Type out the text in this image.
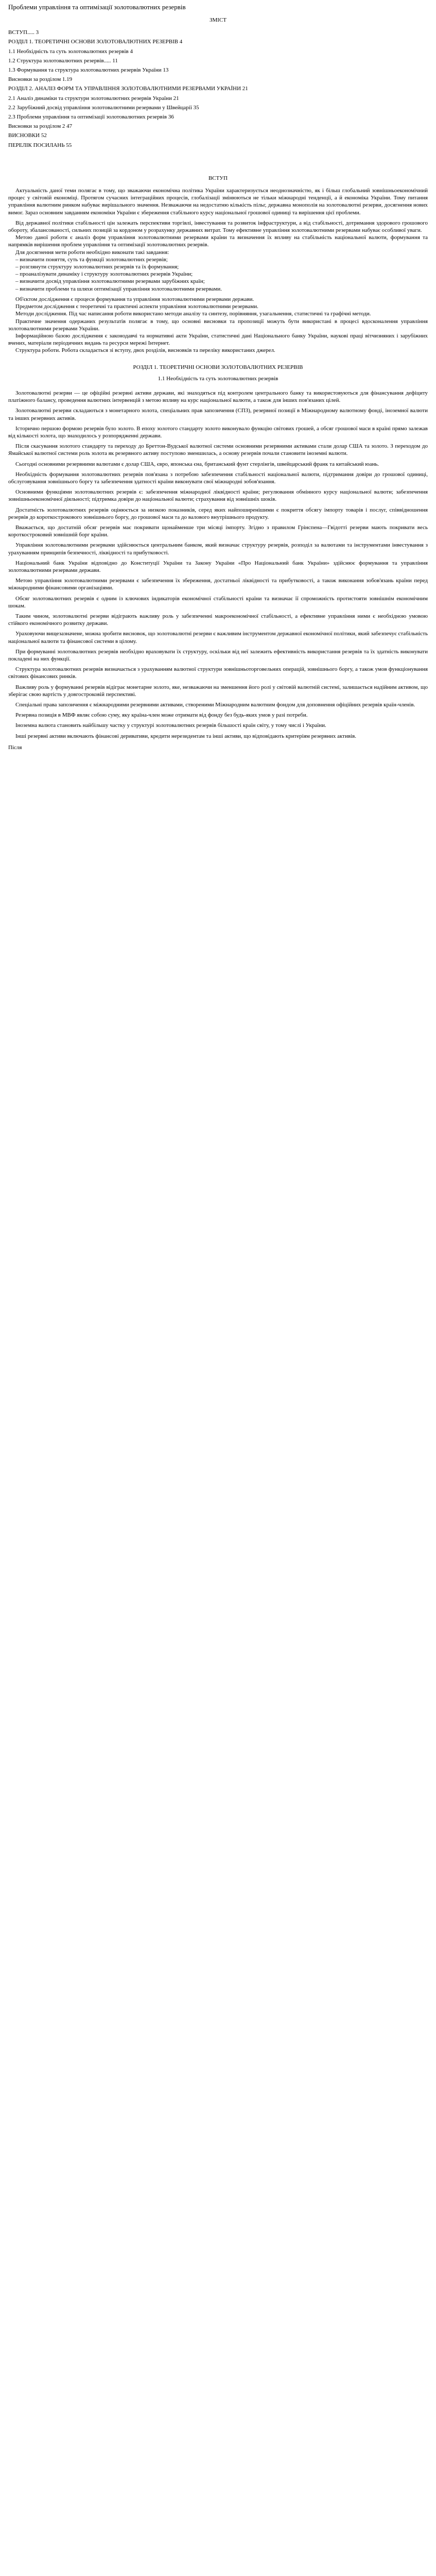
Проблеми управління та оптимізації золотовалютних резервів
ЗМІСТ

ВСТУП..... 3

РОЗДІЛ 1. ТЕОРЕТИЧНІ ОСНОВИ ЗОЛОТОВАЛЮТНИХ РЕЗЕРВІВ 4

1.1 Необхідність та суть золотовалютних резервів 4

1.2 Структура золотовалютних резервів..... 11

1.3 Формування та структура золотовалютних резервів України 13

Висновки за розділом 1.19

РОЗДІЛ 2. АНАЛІЗ ФОРМ ТА УПРАВЛІННЯ ЗОЛОТОВАЛЮТНИМИ РЕЗЕРВАМИ УКРАЇНИ 21

2.1 Аналіз динаміки та структури золотовалютних резервів України 21

2.2 Зарубіжний досвід управління золотовалютними резервами у Швейцарії 35

2.3 Проблеми управління та оптимізації золотовалютних резервів 36

Висновки за розділом 2 47

ВИСНОВКИ 52

ПЕРЕЛІК ПОСИЛАНЬ 55

ВСТУП

Актуальність даної теми полягає в тому, що зважаючи економічна політика України характеризується неоднозначністю, як і більш глобальний зовнішньоекономічний процес у світовій економіці. Протягом сучасних інтеграційних процесів, глобалізації змінюються не тільки міжнародні тенденції, а й економіка України. Тому питання управління валютним ринком набуває вирішального значення. Незважаючи на недостатню кількість пільг, державна монополія на золотовалютні резерви, досягнення нових вимог. Зараз основним завданням економіки України є збереження стабільного курсу національної грошової одиниці та вирішення цієї проблеми.

Від державної політики стабільності цін залежать перспективи торгівлі, інвестування та розвиток інфраструктури, а від стабільності, дотримання здорового грошового обороту, збалансованості, сильних позицій за кордоном у розрахунку державних витрат. Тому ефективне управління золотовалютними резервами набуває особливої уваги.

Метою даної роботи є аналіз форм управління золотовалютними резервами країни та визначення їх впливу на стабільність національної валюти, формування та напрямків вирішення проблем управління та оптимізації золотовалютних резервів.

Для досягнення мети роботи необхідно виконати такі завдання:

– визначити поняття, суть та функції золотовалютних резервів;

– розглянути структуру золотовалютних резервів та їх формування;

– проаналізувати динаміку і структуру золотовалютних резервів України;

– визначити досвід управління золотовалютними резервами зарубіжних країн;

– визначити проблеми та шляхи оптимізації управління золотовалютними резервами.

Об'єктом дослідження є процеси формування та управління золотовалютними резервами держави.

Предметом дослідження є теоретичні та практичні аспекти управління золотовалютними резервами.

Методи дослідження. Під час написання роботи використано методи аналізу та синтезу, порівняння, узагальнення, статистичні та графічні методи.

Практичне значення одержаних результатів полягає в тому, що основні висновки та пропозиції можуть бути використані в процесі вдосконалення управління золотовалютними резервами України.

Інформаційною базою дослідження є законодавчі та нормативні акти України, статистичні дані Національного банку України, наукові праці вітчизняних і зарубіжних вчених, матеріали періодичних видань та ресурси мережі Інтернет.

Структура роботи. Робота складається зі вступу, двох розділів, висновків та переліку використаних джерел.

РОЗДІЛ 1. ТЕОРЕТИЧНІ ОСНОВИ ЗОЛОТОВАЛЮТНИХ РЕЗЕРВІВ
1.1 Необхідність та суть золотовалютних резервів

Золотовалютні резерви — це офіційні резервні активи держави, які знаходяться під контролем центрального банку та використовуються для фінансування дефіциту платіжного балансу, проведення валютних інтервенцій з метою впливу на курс національної валюти, а також для інших пов'язаних цілей.

Золотовалютні резерви складаються з монетарного золота, спеціальних прав запозичення (СПЗ), резервної позиції в Міжнародному валютному фонді, іноземної валюти та інших резервних активів.

Історично першою формою резервів було золото. В епоху золотого стандарту золото виконувало функцію світових грошей, а обсяг грошової маси в країні прямо залежав від кількості золота, що знаходилось у розпорядженні держави.

Після скасування золотого стандарту та переходу до Бреттон-Вудської валютної системи основними резервними активами стали долар США та золото. З переходом до Ямайської валютної системи роль золота як резервного активу поступово зменшилась, а основу резервів почали становити іноземні валюти.

Сьогодні основними резервними валютами є долар США, євро, японська єна, британський фунт стерлінгів, швейцарський франк та китайський юань.

Необхідність формування золотовалютних резервів пов'язана з потребою забезпечення стабільності національної валюти, підтримання довіри до грошової одиниці, обслуговування зовнішнього боргу та забезпечення здатності країни виконувати свої міжнародні зобов'язання.

Основними функціями золотовалютних резервів є: забезпечення міжнародної ліквідності країни; регулювання обмінного курсу національної валюти; забезпечення зовнішньоекономічної діяльності; підтримка довіри до національної валюти; страхування від зовнішніх шоків.

Достатність золотовалютних резервів оцінюється за низкою показників, серед яких найпоширенішими є покриття обсягу імпорту товарів і послуг, співвідношення резервів до короткострокового зовнішнього боргу, до грошової маси та до валового внутрішнього продукту.

Вважається, що достатній обсяг резервів має покривати щонайменше три місяці імпорту. Згідно з правилом Грінспена—Гвідотті резерви мають покривати весь короткостроковий зовнішній борг країни.

Управління золотовалютними резервами здійснюється центральним банком, який визначає структуру резервів, розподіл за валютами та інструментами інвестування з урахуванням принципів безпечності, ліквідності та прибутковості.

Національний банк України відповідно до Конституції України та Закону України «Про Національний банк України» здійснює формування та управління золотовалютними резервами держави.

Метою управління золотовалютними резервами є забезпечення їх збереження, достатньої ліквідності та прибутковості, а також виконання зобов'язань країни перед міжнародними фінансовими організаціями.

Обсяг золотовалютних резервів є одним із ключових індикаторів економічної стабільності країни та визначає її спроможність протистояти зовнішнім економічним шокам.

Таким чином, золотовалютні резерви відіграють важливу роль у забезпеченні макроекономічної стабільності, а ефективне управління ними є необхідною умовою стійкого економічного розвитку держави.

Ураховуючи вищезазначене, можна зробити висновок, що золотовалютні резерви є важливим інструментом державної економічної політики, який забезпечує стабільність національної валюти та фінансової системи в цілому.

При формуванні золотовалютних резервів необхідно враховувати їх структуру, оскільки від неї залежить ефективність використання резервів та їх здатність виконувати покладені на них функції.

Структура золотовалютних резервів визначається з урахуванням валютної структури зовнішньоторговельних операцій, зовнішнього боргу, а також умов функціонування світових фінансових ринків.

Важливу роль у формуванні резервів відіграє монетарне золото, яке, незважаючи на зменшення його ролі у світовій валютній системі, залишається надійним активом, що зберігає свою вартість у довгостроковій перспективі.

Спеціальні права запозичення є міжнародними резервними активами, створеними Міжнародним валютним фондом для доповнення офіційних резервів країн-членів.

Резервна позиція в МВФ являє собою суму, яку країна-член може отримати від фонду без будь-яких умов у разі потреби.

Іноземна валюта становить найбільшу частку у структурі золотовалютних резервів більшості країн світу, у тому числі і України.

Інші резервні активи включають фінансові деривативи, кредити нерезидентам та інші активи, що відповідають критеріям резервних активів.

Після
